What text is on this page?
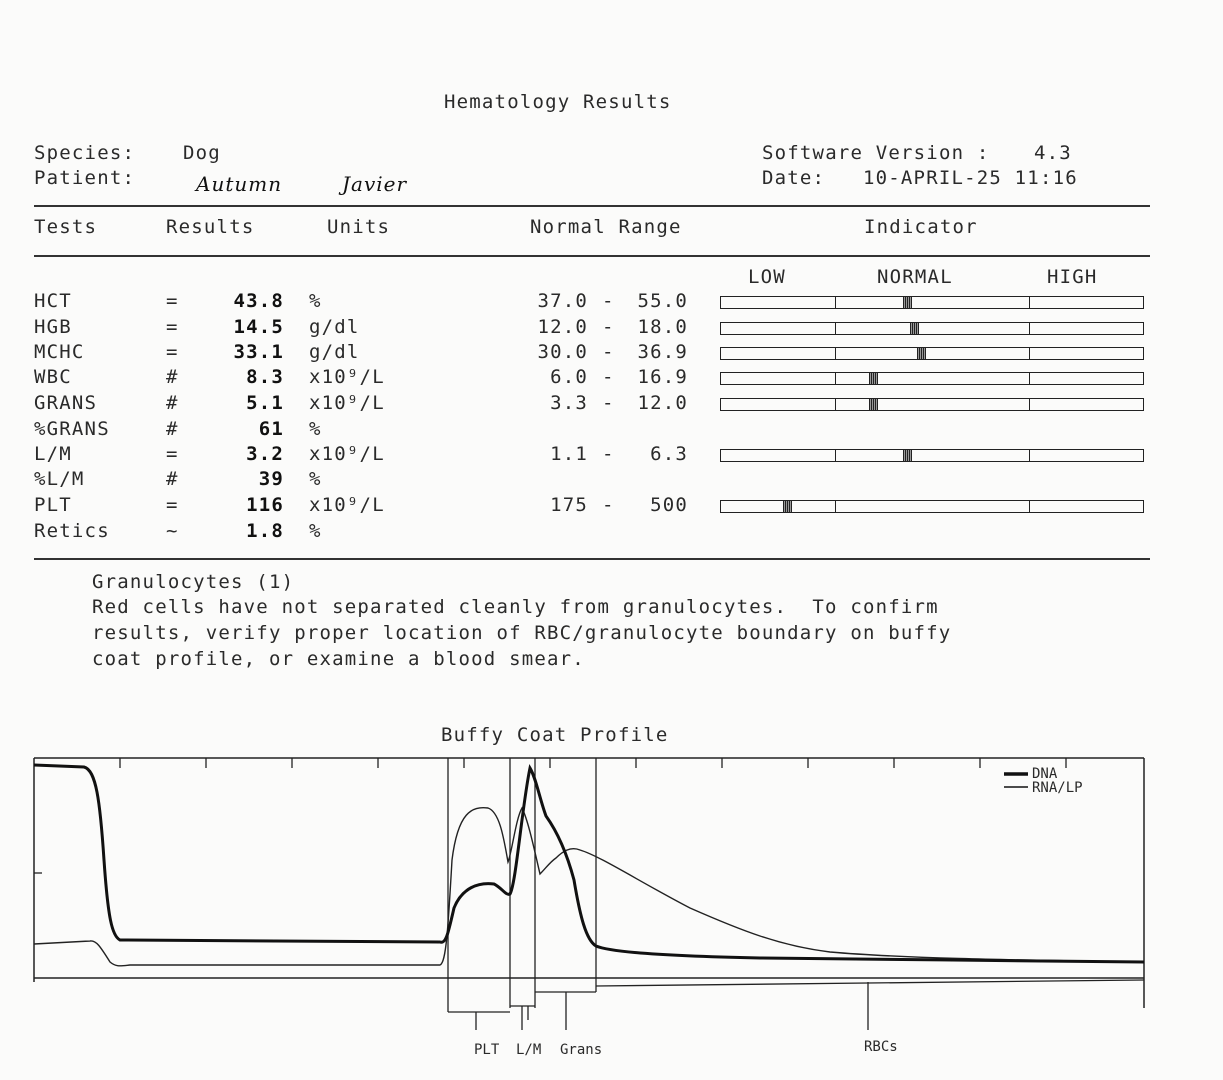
Hematology Results
Species:	Dog
Patient:	Autumn	Javier
Software Version : 4.3
Date: 10-APRIL-25 11:16
Tests	Results	Units	Normal Range	Indicator
LOW	NORMAL	HIGH
HCT	=	43.8 %	37.0 -	55.0
HGB	=	14.5 g/dl	12.0 -	18.0
MCHC	=	33.1 g/dl	30.0 -	36.9
WBC	#	8.3 x10⁹/L	6.0 -	16.9
GRANS	#	5.1 x10⁹/L	3.3 -	12.0
%GRANS	#	61 %
L/M	=	3.2 x10⁹/L	1.1 -	6.3
%L/M	#	39 %
PLT	=	116 x10⁹/L	175 -	500
Retics	~	1.8 %
Granulocytes (1)
Red cells have not separated cleanly from granulocytes.  To confirm
results, verify proper location of RBC/granulocyte boundary on buffy
coat profile, or examine a blood smear.
Buffy Coat Profile
DNA
RNA/LP
PLT L/M Grans	RBCs
